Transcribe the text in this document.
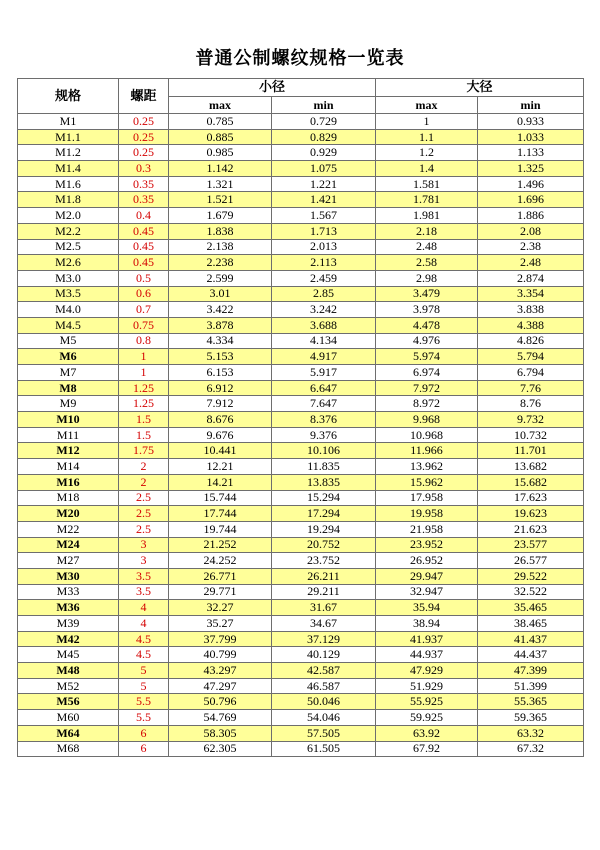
普通公制螺纹规格一览表
规格	螺距	小径		大径	
		max	min	max	min
M1	0.25	0.785	0.729	1	0.933
M1.1	0.25	0.885	0.829	1.1	1.033
M1.2	0.25	0.985	0.929	1.2	1.133
M1.4	0.3	1.142	1.075	1.4	1.325
M1.6	0.35	1.321	1.221	1.581	1.496
M1.8	0.35	1.521	1.421	1.781	1.696
M2.0	0.4	1.679	1.567	1.981	1.886
M2.2	0.45	1.838	1.713	2.18	2.08
M2.5	0.45	2.138	2.013	2.48	2.38
M2.6	0.45	2.238	2.113	2.58	2.48
M3.0	0.5	2.599	2.459	2.98	2.874
M3.5	0.6	3.01	2.85	3.479	3.354
M4.0	0.7	3.422	3.242	3.978	3.838
M4.5	0.75	3.878	3.688	4.478	4.388
M5	0.8	4.334	4.134	4.976	4.826
M6	1	5.153	4.917	5.974	5.794
M7	1	6.153	5.917	6.974	6.794
M8	1.25	6.912	6.647	7.972	7.76
M9	1.25	7.912	7.647	8.972	8.76
M10	1.5	8.676	8.376	9.968	9.732
M11	1.5	9.676	9.376	10.968	10.732
M12	1.75	10.441	10.106	11.966	11.701
M14	2	12.21	11.835	13.962	13.682
M16	2	14.21	13.835	15.962	15.682
M18	2.5	15.744	15.294	17.958	17.623
M20	2.5	17.744	17.294	19.958	19.623
M22	2.5	19.744	19.294	21.958	21.623
M24	3	21.252	20.752	23.952	23.577
M27	3	24.252	23.752	26.952	26.577
M30	3.5	26.771	26.211	29.947	29.522
M33	3.5	29.771	29.211	32.947	32.522
M36	4	32.27	31.67	35.94	35.465
M39	4	35.27	34.67	38.94	38.465
M42	4.5	37.799	37.129	41.937	41.437
M45	4.5	40.799	40.129	44.937	44.437
M48	5	43.297	42.587	47.929	47.399
M52	5	47.297	46.587	51.929	51.399
M56	5.5	50.796	50.046	55.925	55.365
M60	5.5	54.769	54.046	59.925	59.365
M64	6	58.305	57.505	63.92	63.32
M68	6	62.305	61.505	67.92	67.32
